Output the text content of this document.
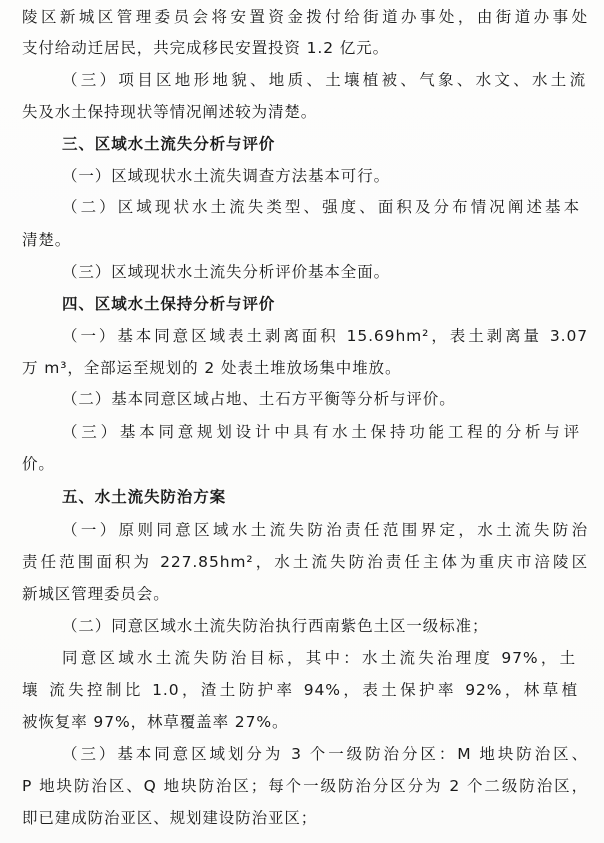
陵区新城区管理委员会将安置资金拨付给街道办事处，由街道办事处
支付给动迁居民，共完成移民安置投资 1.2 亿元。
（三）项目区地形地貌、地质、土壤植被、气象、水文、水土流
失及水土保持现状等情况阐述较为清楚。
三、区域水土流失分析与评价
（一）区域现状水土流失调查方法基本可行。
（二）区域现状水土流失类型、强度、面积及分布情况阐述基本
清楚。
（三）区域现状水土流失分析评价基本全面。
四、区域水土保持分析与评价
（一）基本同意区域表土剥离面积 15.69hm²，表土剥离量 3.07
万 m³，全部运至规划的 2 处表土堆放场集中堆放。
（二）基本同意区域占地、土石方平衡等分析与评价。
（三）基本同意规划设计中具有水土保持功能工程的分析与评
价。
五、水土流失防治方案
（一）原则同意区域水土流失防治责任范围界定，水土流失防治
责任范围面积为 227.85hm²，水土流失防治责任主体为重庆市涪陵区
新城区管理委员会。
（二）同意区域水土流失防治执行西南紫色土区一级标准；
同意区域水土流失防治目标，其中：水土流失治理度 97%，土
壤 流失控制比 1.0，渣土防护率 94%，表土保护率 92%，林草植
被恢复率 97%，林草覆盖率 27%。
（三）基本同意区域划分为 3 个一级防治分区：M 地块防治区、
P 地块防治区、Q 地块防治区；每个一级防治分区分为 2 个二级防治区，
即已建成防治亚区、规划建设防治亚区；
